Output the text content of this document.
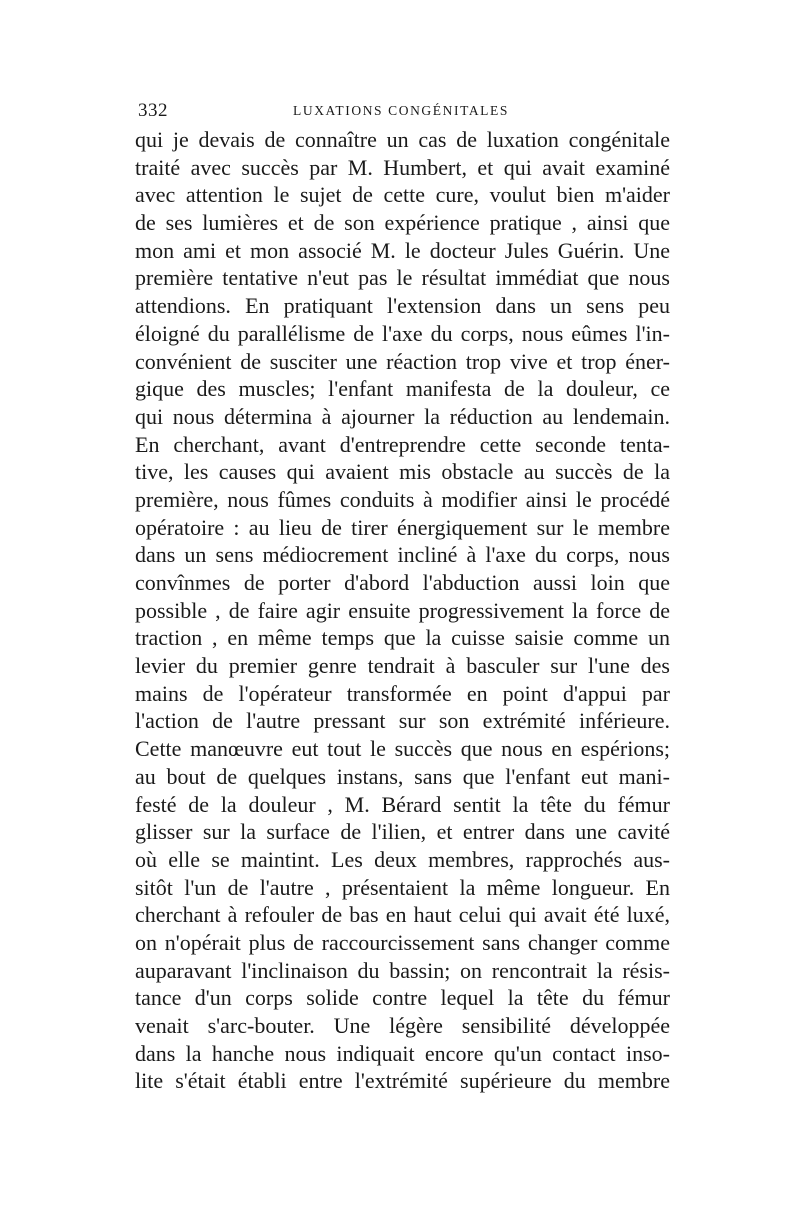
332	LUXATIONS CONGÉNITALES
qui je devais de connaître un cas de luxation congénitale
traité avec succès par M. Humbert, et qui avait examiné
avec attention le sujet de cette cure, voulut bien m'aider
de ses lumières et de son expérience pratique , ainsi que
mon ami et mon associé M. le docteur Jules Guérin. Une
première tentative n'eut pas le résultat immédiat que nous
attendions. En pratiquant l'extension dans un sens peu
éloigné du parallélisme de l'axe du corps, nous eûmes l'in-
convénient de susciter une réaction trop vive et trop éner-
gique des muscles; l'enfant manifesta de la douleur, ce
qui nous détermina à ajourner la réduction au lendemain.
En cherchant, avant d'entreprendre cette seconde tenta-
tive, les causes qui avaient mis obstacle au succès de la
première, nous fûmes conduits à modifier ainsi le procédé
opératoire : au lieu de tirer énergiquement sur le membre
dans un sens médiocrement incliné à l'axe du corps, nous
convînmes de porter d'abord l'abduction aussi loin que
possible , de faire agir ensuite progressivement la force de
traction , en même temps que la cuisse saisie comme un
levier du premier genre tendrait à basculer sur l'une des
mains de l'opérateur transformée en point d'appui par
l'action de l'autre pressant sur son extrémité inférieure.
Cette manœuvre eut tout le succès que nous en espérions;
au bout de quelques instans, sans que l'enfant eut mani-
festé de la douleur , M. Bérard sentit la tête du fémur
glisser sur la surface de l'ilien, et entrer dans une cavité
où elle se maintint. Les deux membres, rapprochés aus-
sitôt l'un de l'autre , présentaient la même longueur. En
cherchant à refouler de bas en haut celui qui avait été luxé,
on n'opérait plus de raccourcissement sans changer comme
auparavant l'inclinaison du bassin; on rencontrait la résis-
tance d'un corps solide contre lequel la tête du fémur
venait s'arc-bouter. Une légère sensibilité développée
dans la hanche nous indiquait encore qu'un contact inso-
lite s'était établi entre l'extrémité supérieure du membre
